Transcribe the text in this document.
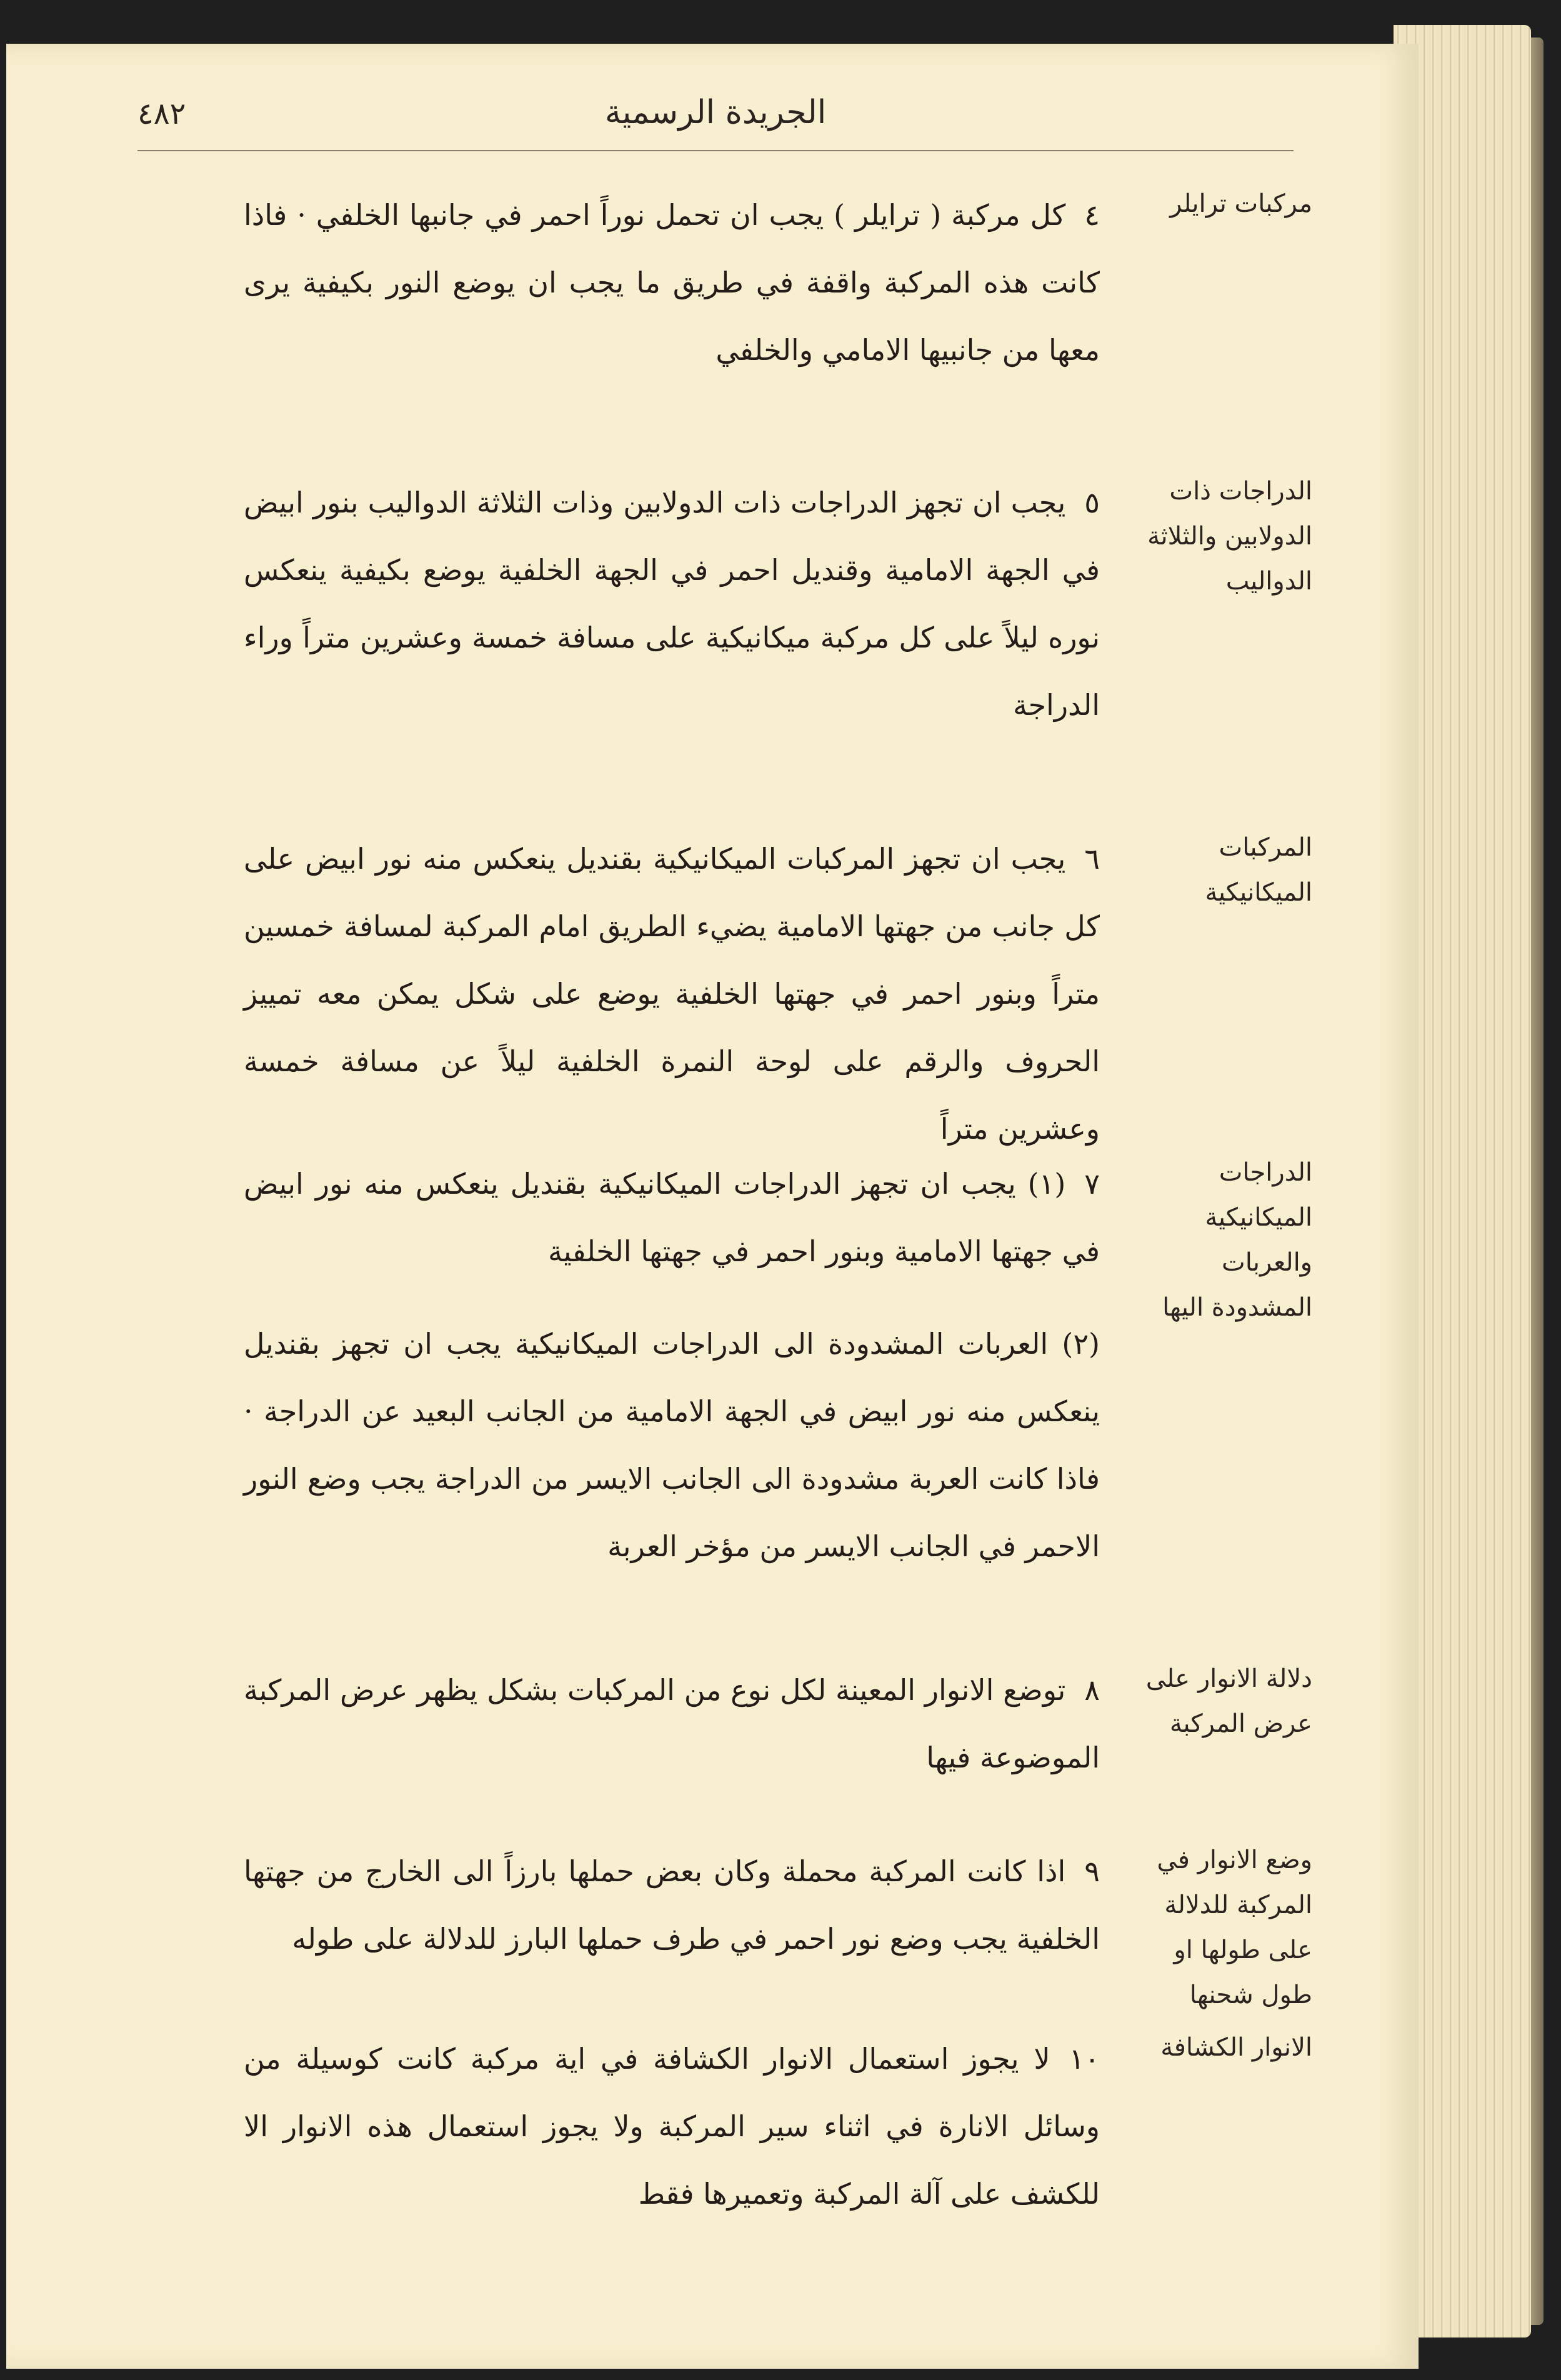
الجريدة الرسمية
٤٨٢
مركبات ترايلر
٤كل مركبة ( ترايلر ) يجب ان تحمل نوراً احمر في جانبها الخلفي · فاذا كانت هذه المركبة واقفة في طريق ما يجب ان يوضع النور بكيفية يرى معها من جانبيها الامامي والخلفي
الدراجات ذات الدولابين والثلاثة الدواليب
٥يجب ان تجهز الدراجات ذات الدولابين وذات الثلاثة الدواليب بنور ابيض في الجهة الامامية وقنديل احمر في الجهة الخلفية يوضع بكيفية ينعكس نوره ليلاً على كل مركبة ميكانيكية على مسافة خمسة وعشرين متراً وراء الدراجة
المركبات الميكانيكية
٦يجب ان تجهز المركبات الميكانيكية بقنديل ينعكس منه نور ابيض على كل جانب من جهتها الامامية يضيء الطريق امام المركبة لمسافة خمسين متراً وبنور احمر في جهتها الخلفية يوضع على شكل يمكن معه تمييز الحروف والرقم على لوحة النمرة الخلفية ليلاً عن مسافة خمسة وعشرين متراً
الدراجات الميكانيكية والعربات المشدودة اليها
٧(١) يجب ان تجهز الدراجات الميكانيكية بقنديل ينعكس منه نور ابيض في جهتها الامامية وبنور احمر في جهتها الخلفية
(٢) العربات المشدودة الى الدراجات الميكانيكية يجب ان تجهز بقنديل ينعكس منه نور ابيض في الجهة الامامية من الجانب البعيد عن الدراجة · فاذا كانت العربة مشدودة الى الجانب الايسر من الدراجة يجب وضع النور الاحمر في الجانب الايسر من مؤخر العربة
دلالة الانوار على عرض المركبة
٨توضع الانوار المعينة لكل نوع من المركبات بشكل يظهر عرض المركبة الموضوعة فيها
وضع الانوار في المركبة للدلالة على طولها او طول شحنها
٩اذا كانت المركبة محملة وكان بعض حملها بارزاً الى الخارج من جهتها الخلفية يجب وضع نور احمر في طرف حملها البارز للدلالة على طوله
الانوار الكشافة
١٠لا يجوز استعمال الانوار الكشافة في اية مركبة كانت كوسيلة من وسائل الانارة في اثناء سير المركبة ولا يجوز استعمال هذه الانوار الا للكشف على آلة المركبة وتعميرها فقط
